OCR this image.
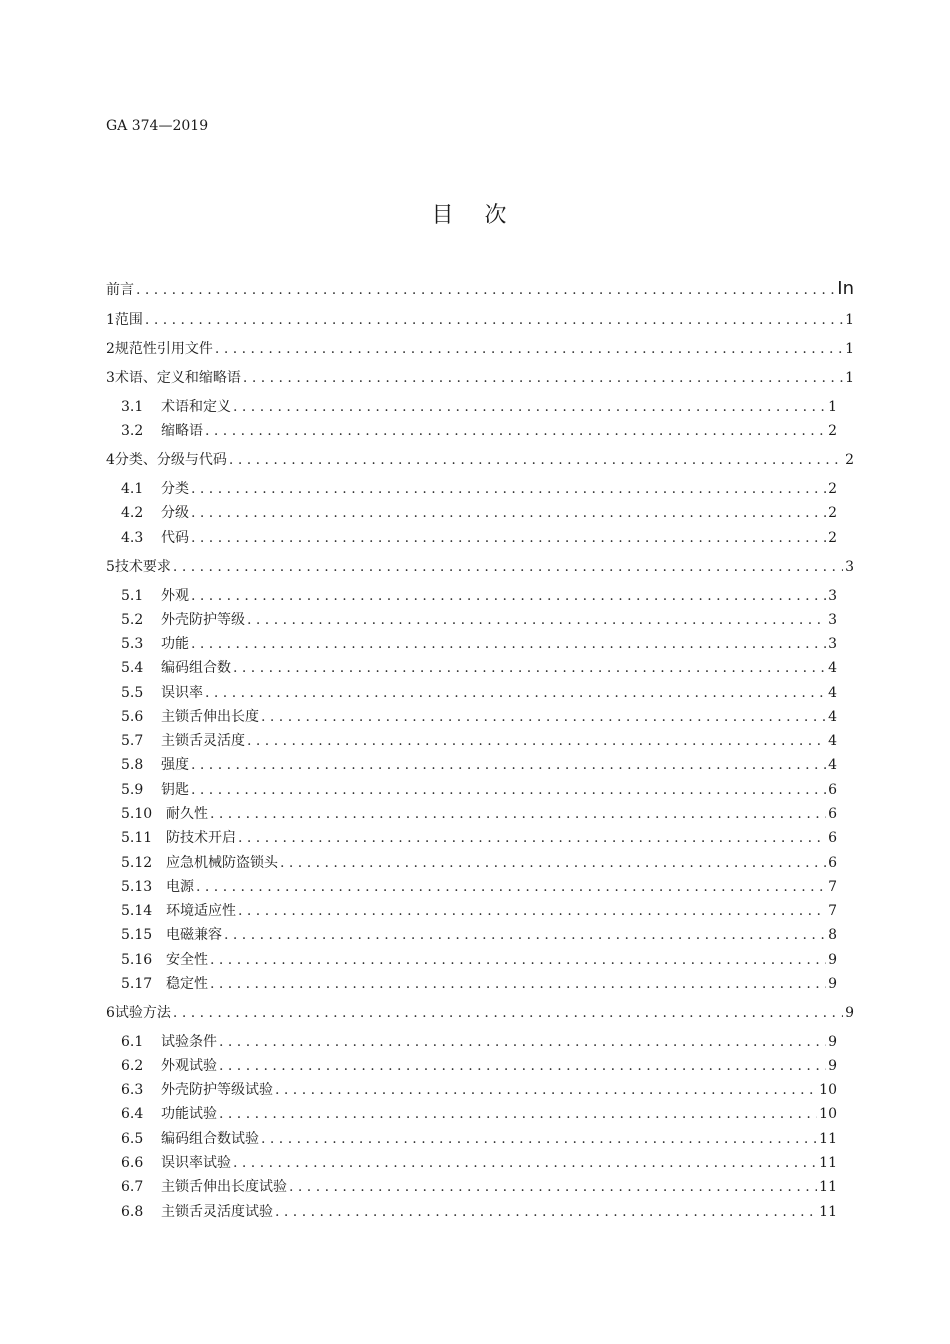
GA 374—2019
目 次
前言 . . .	In
1 范围 . . .	1
2 规范性引用文件 . . .	1
3 术语、定义和缩略语 . . .	1
3.1	术语和定义 . . .	1
3.2	缩略语 . . .	2
4 分类、分级与代码 . . .	2
4.1	分类 . . .	2
4.2	分级 . . .	2
4.3	代码 . . .	2
5 技术要求 . . .	3
5.1	外观 . . .	3
5.2	外壳防护等级 . . .	3
5.3	功能 . . .	3
5.4	编码组合数 . . .	4
5.5	误识率 . . .	4
5.6	主锁舌伸出长度 . . .	4
5.7	主锁舌灵活度 . . .	4
5.8	强度 . . .	4
5.9	钥匙 . . .	6
5.10 耐久性 . . .	6
5.11 防技术开启 . . .	6
5.12 应急机械防盗锁头 . . .	6
5.13 电源 . . .	7
5.14 环境适应性 . . .	7
5.15 电磁兼容 . . .	8
5.16 安全性 . . .	9
5.17 稳定性 . . .	9
6 试验方法 . . .	9
6.1	试验条件 . . .	9
6.2	外观试验 . . .	9
6.3	外壳防护等级试验 . . .	10
6.4	功能试验 . . .	10
6.5	编码组合数试验 . . .	11
6.6	误识率试验 . . .	11
6.7	主锁舌伸出长度试验 . . .	11
6.8	主锁舌灵活度试验 . . .	11
